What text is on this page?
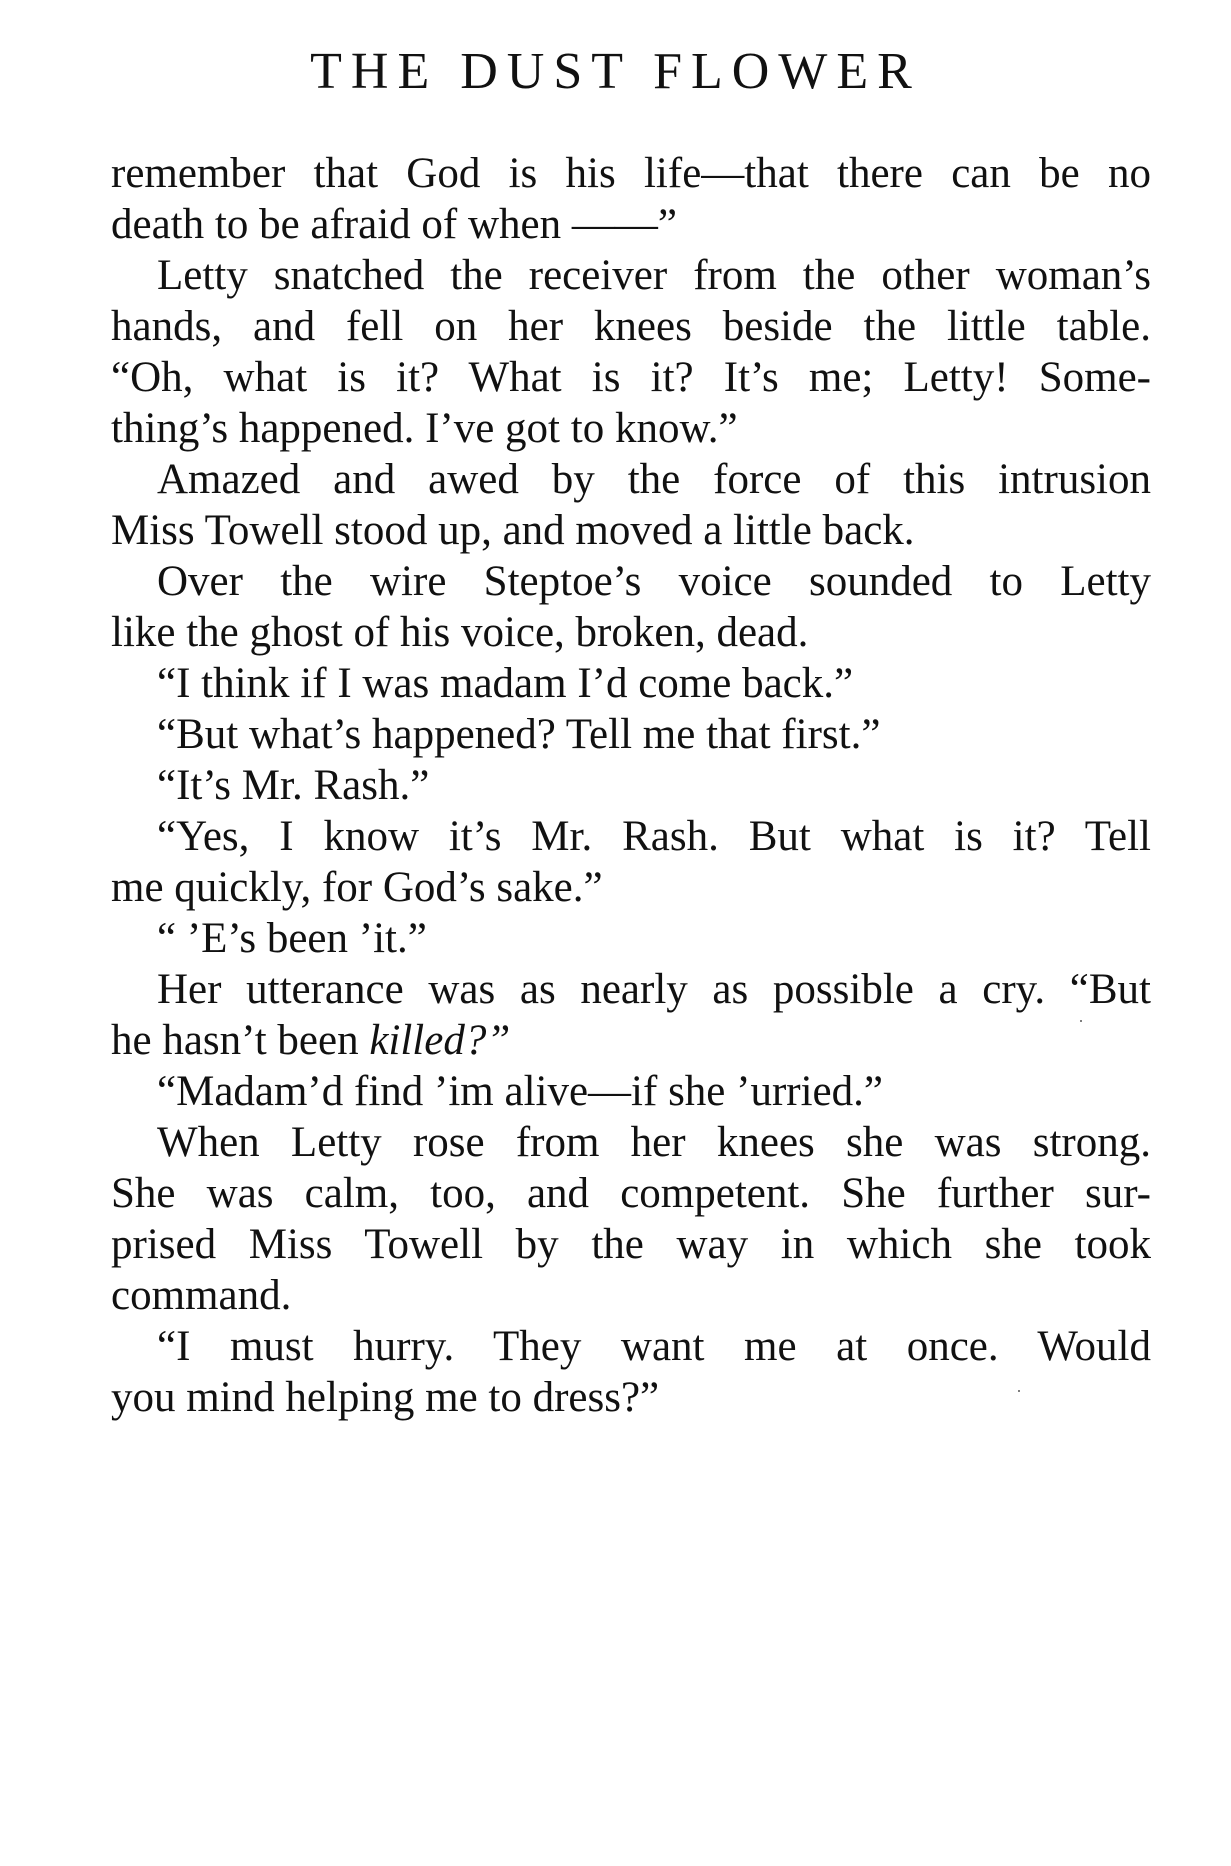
THE DUST FLOWER
remember that God is his life—that there can be no
death to be afraid of when ——”
Letty snatched the receiver from the other woman’s
hands, and fell on her knees beside the little table.
“Oh, what is it? What is it? It’s me; Letty! Some-
thing’s happened. I’ve got to know.”
Amazed and awed by the force of this intrusion
Miss Towell stood up, and moved a little back.
Over the wire Steptoe’s voice sounded to Letty
like the ghost of his voice, broken, dead.
“I think if I was madam I’d come back.”
“But what’s happened? Tell me that first.”
“It’s Mr. Rash.”
“Yes, I know it’s Mr. Rash. But what is it? Tell
me quickly, for God’s sake.”
“ ’E’s been ’it.”
Her utterance was as nearly as possible a cry. “But
he hasn’t been killed?”
“Madam’d find ’im alive—if she ’urried.”
When Letty rose from her knees she was strong.
She was calm, too, and competent. She further sur-
prised Miss Towell by the way in which she took
command.
“I must hurry. They want me at once. Would
you mind helping me to dress?”
